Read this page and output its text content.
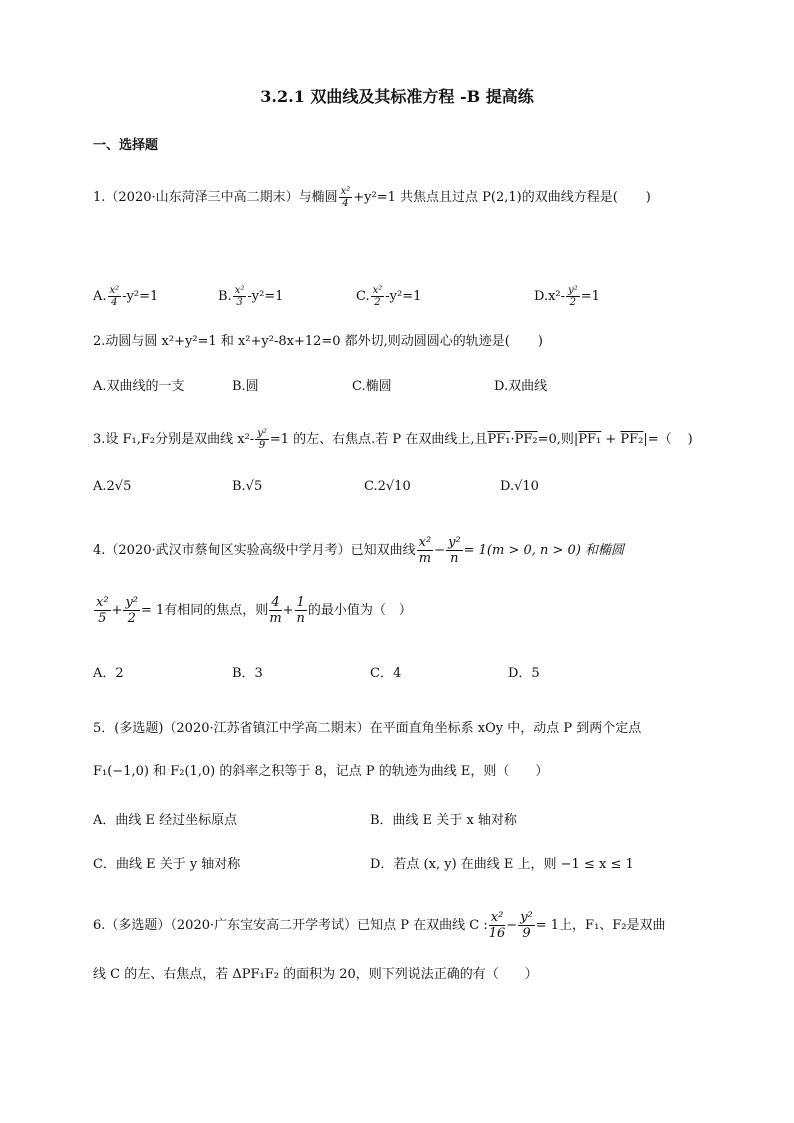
3.2.1 双曲线及其标准方程 -B 提高练
一、选择题
1.（2020·山东菏泽三中高二期末）与椭圆 $\frac{\text{x²}}{4} +y^2=1$ 共焦点且过点 P(2,1)的双曲线方程是( )
A. $\frac{\text{x²}}{4} -y^2=1$	B. $\frac{\text{x²}}{3} -y^2=1$	C. $\frac{\text{x²}}{2} -y^2=1$	$D.x^2- \frac{\text{y²}}{2} =1$
2.动圆与圆 x²+y²=1 和 x²+y²-8x+12=0 都外切,则动圆圆心的轨迹是( )
A.双曲线的一支	B.圆	C.椭圆	D.双曲线
3.设 F₁,F₂分别是双曲线 $x^2- \frac{\text{y²}}{9} =1$ 的左、右焦点.若 P 在双曲线上,且PF₁·PF₂=0,则|PF₁ + PF₂|=（ )
A.2√5	B.√5	C.2√10	D.√10
4.（2020·武汉市蔡甸区实验高级中学月考）已知双曲线 $\frac{\text{x²}}{m} - \frac{\text{y²}}{n} = 1(m > 0$, n > 0) 和椭圆
$\frac{\text{x²}}{5} + \frac{\text{y²}}{2} = 1$有相同的焦点，则 $\frac{4}{m} + \frac{1}{n}$ 的最小值为（　）
A．2	B．3	C．4	D．5
5．(多选题)（2020·江苏省镇江中学高二期末）在平面直角坐标系 xOy 中，动点 P 到两个定点
F₁(−1,0) 和 F₂(1,0) 的斜率之积等于 8，记点 P 的轨迹为曲线 E，则（　　）
A．曲线 E 经过坐标原点	B．曲线 E 关于 x 轴对称
C．曲线 E 关于 y 轴对称	D．若点 (x, y) 在曲线 E 上，则 −1 ≤ x ≤ 1
6.（多选题）（2020·广东宝安高二开学考试）已知点 P 在双曲线 C : $\frac{\text{x²}}{16} - \frac{\text{y²}}{9} = 1$上，F₁、F₂是双曲
线 C 的左、右焦点，若 ΔPF₁F₂ 的面积为 20，则下列说法正确的有（　　）
